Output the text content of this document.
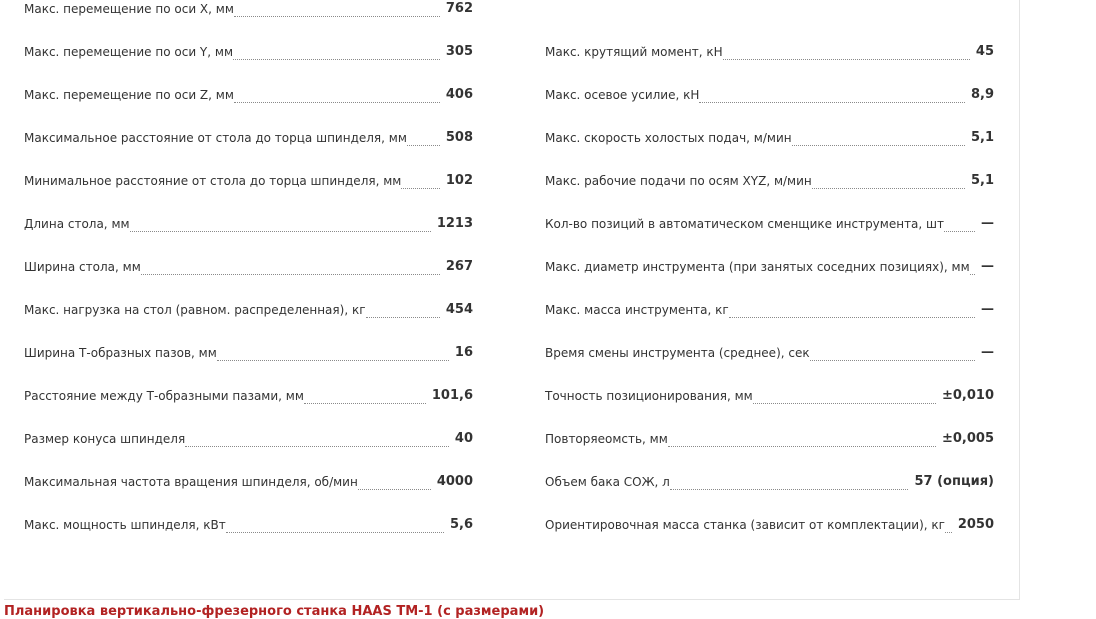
Макс. перемещение по оси X, мм	762
Макс. перемещение по оси Y, мм	305
Макс. перемещение по оси Z, мм	406
Максимальное расстояние от стола до торца шпинделя, мм	508
Минимальное расстояние от стола до торца шпинделя, мм	102
Длина стола, мм	1213
Ширина стола, мм	267
Макс. нагрузка на стол (равном. распределенная), кг	454
Ширина Т-образных пазов, мм	16
Расстояние между Т-образными пазами, мм	101,6
Размер конуса шпинделя	40
Максимальная частота вращения шпинделя, об/мин	4000
Макс. мощность шпинделя, кВт	5,6
Макс. крутящий момент, кН	45
Макс. осевое усилие, кН	8,9
Макс. скорость холостых подач, м/мин	5,1
Макс. рабочие подачи по осям XYZ, м/мин	5,1
Кол-во позиций в автоматическом сменщике инструмента, шт	—
Макс. диаметр инструмента (при занятых соседних позициях), мм —
Макс. масса инструмента, кг	—
Время смены инструмента (среднее), сек	—
Точность позиционирования, мм	±0,010
Повторяеомсть, мм	±0,005
Объем бака СОЖ, л	57 (опция)
Ориентировочная масса станка (зависит от комплектации), кг 2050
Планировка вертикально-фрезерного станка HAAS TM-1 (с размерами)
